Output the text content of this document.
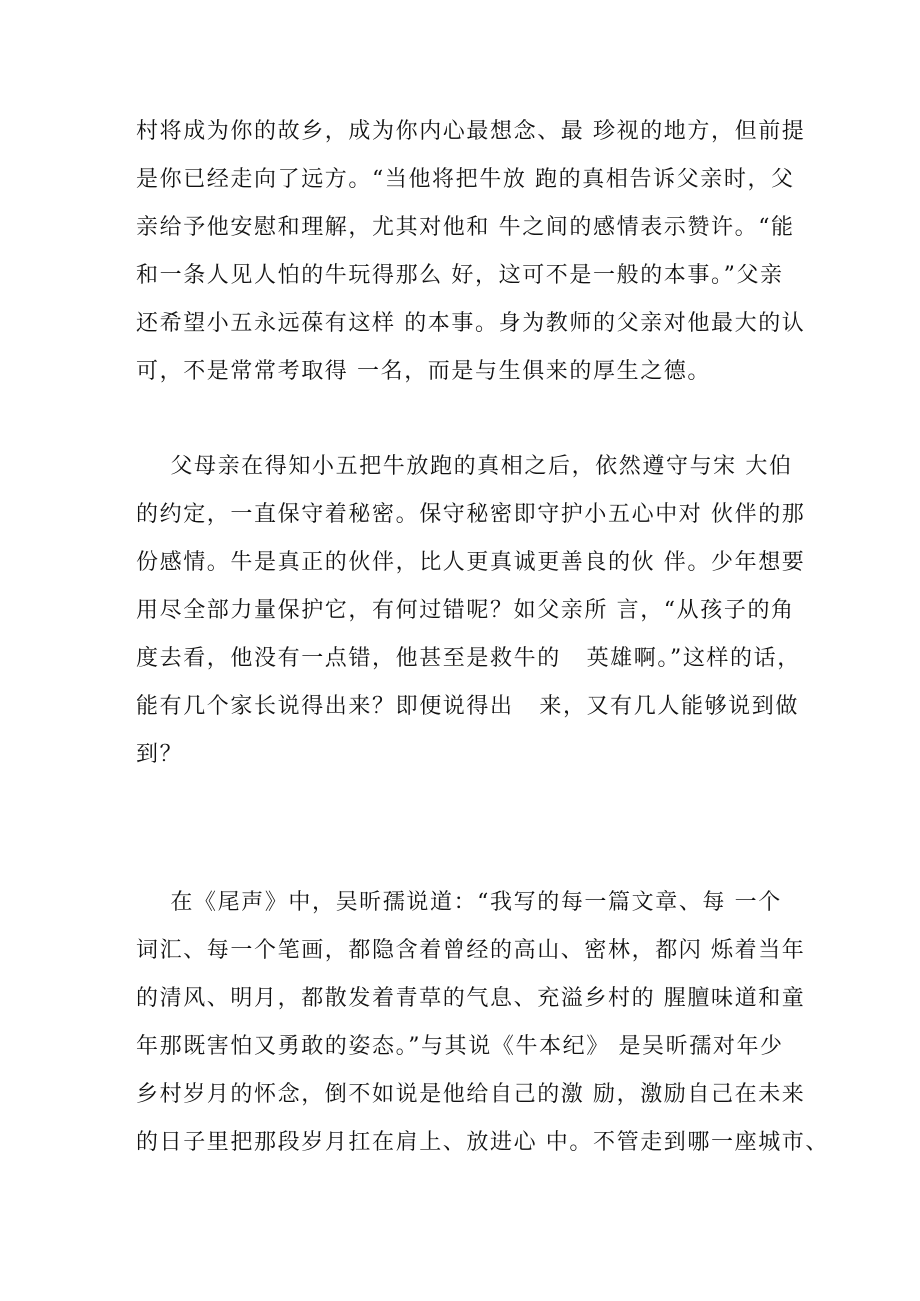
村将成为你的故乡，成为你内心最想念、最 珍视的地方，但前提
是你已经走向了远方。“当他将把牛放 跑的真相告诉父亲时，父
亲给予他安慰和理解，尤其对他和 牛之间的感情表示赞许。“能
和一条人见人怕的牛玩得那么 好，这可不是一般的本事。”父亲
还希望小五永远葆有这样 的本事。身为教师的父亲对他最大的认
可，不是常常考取得 一名，而是与生俱来的厚生之德。
父母亲在得知小五把牛放跑的真相之后，依然遵守与宋 大伯
的约定，一直保守着秘密。保守秘密即守护小五心中对 伙伴的那
份感情。牛是真正的伙伴，比人更真诚更善良的伙 伴。少年想要
用尽全部力量保护它，有何过错呢？如父亲所 言，“从孩子的角
度去看，他没有一点错，他甚至是救牛的   英雄啊。”这样的话，
能有几个家长说得出来？即便说得出   来，又有几人能够说到做
到？
在《尾声》中，吴昕孺说道：“我写的每一篇文章、每 一个
词汇、每一个笔画，都隐含着曾经的高山、密林，都闪 烁着当年
的清风、明月，都散发着青草的气息、充溢乡村的 腥膻味道和童
年那既害怕又勇敢的姿态。”与其说《牛本纪》 是吴昕孺对年少
乡村岁月的怀念，倒不如说是他给自己的激 励，激励自己在未来
的日子里把那段岁月扛在肩上、放进心 中。不管走到哪一座城市、
